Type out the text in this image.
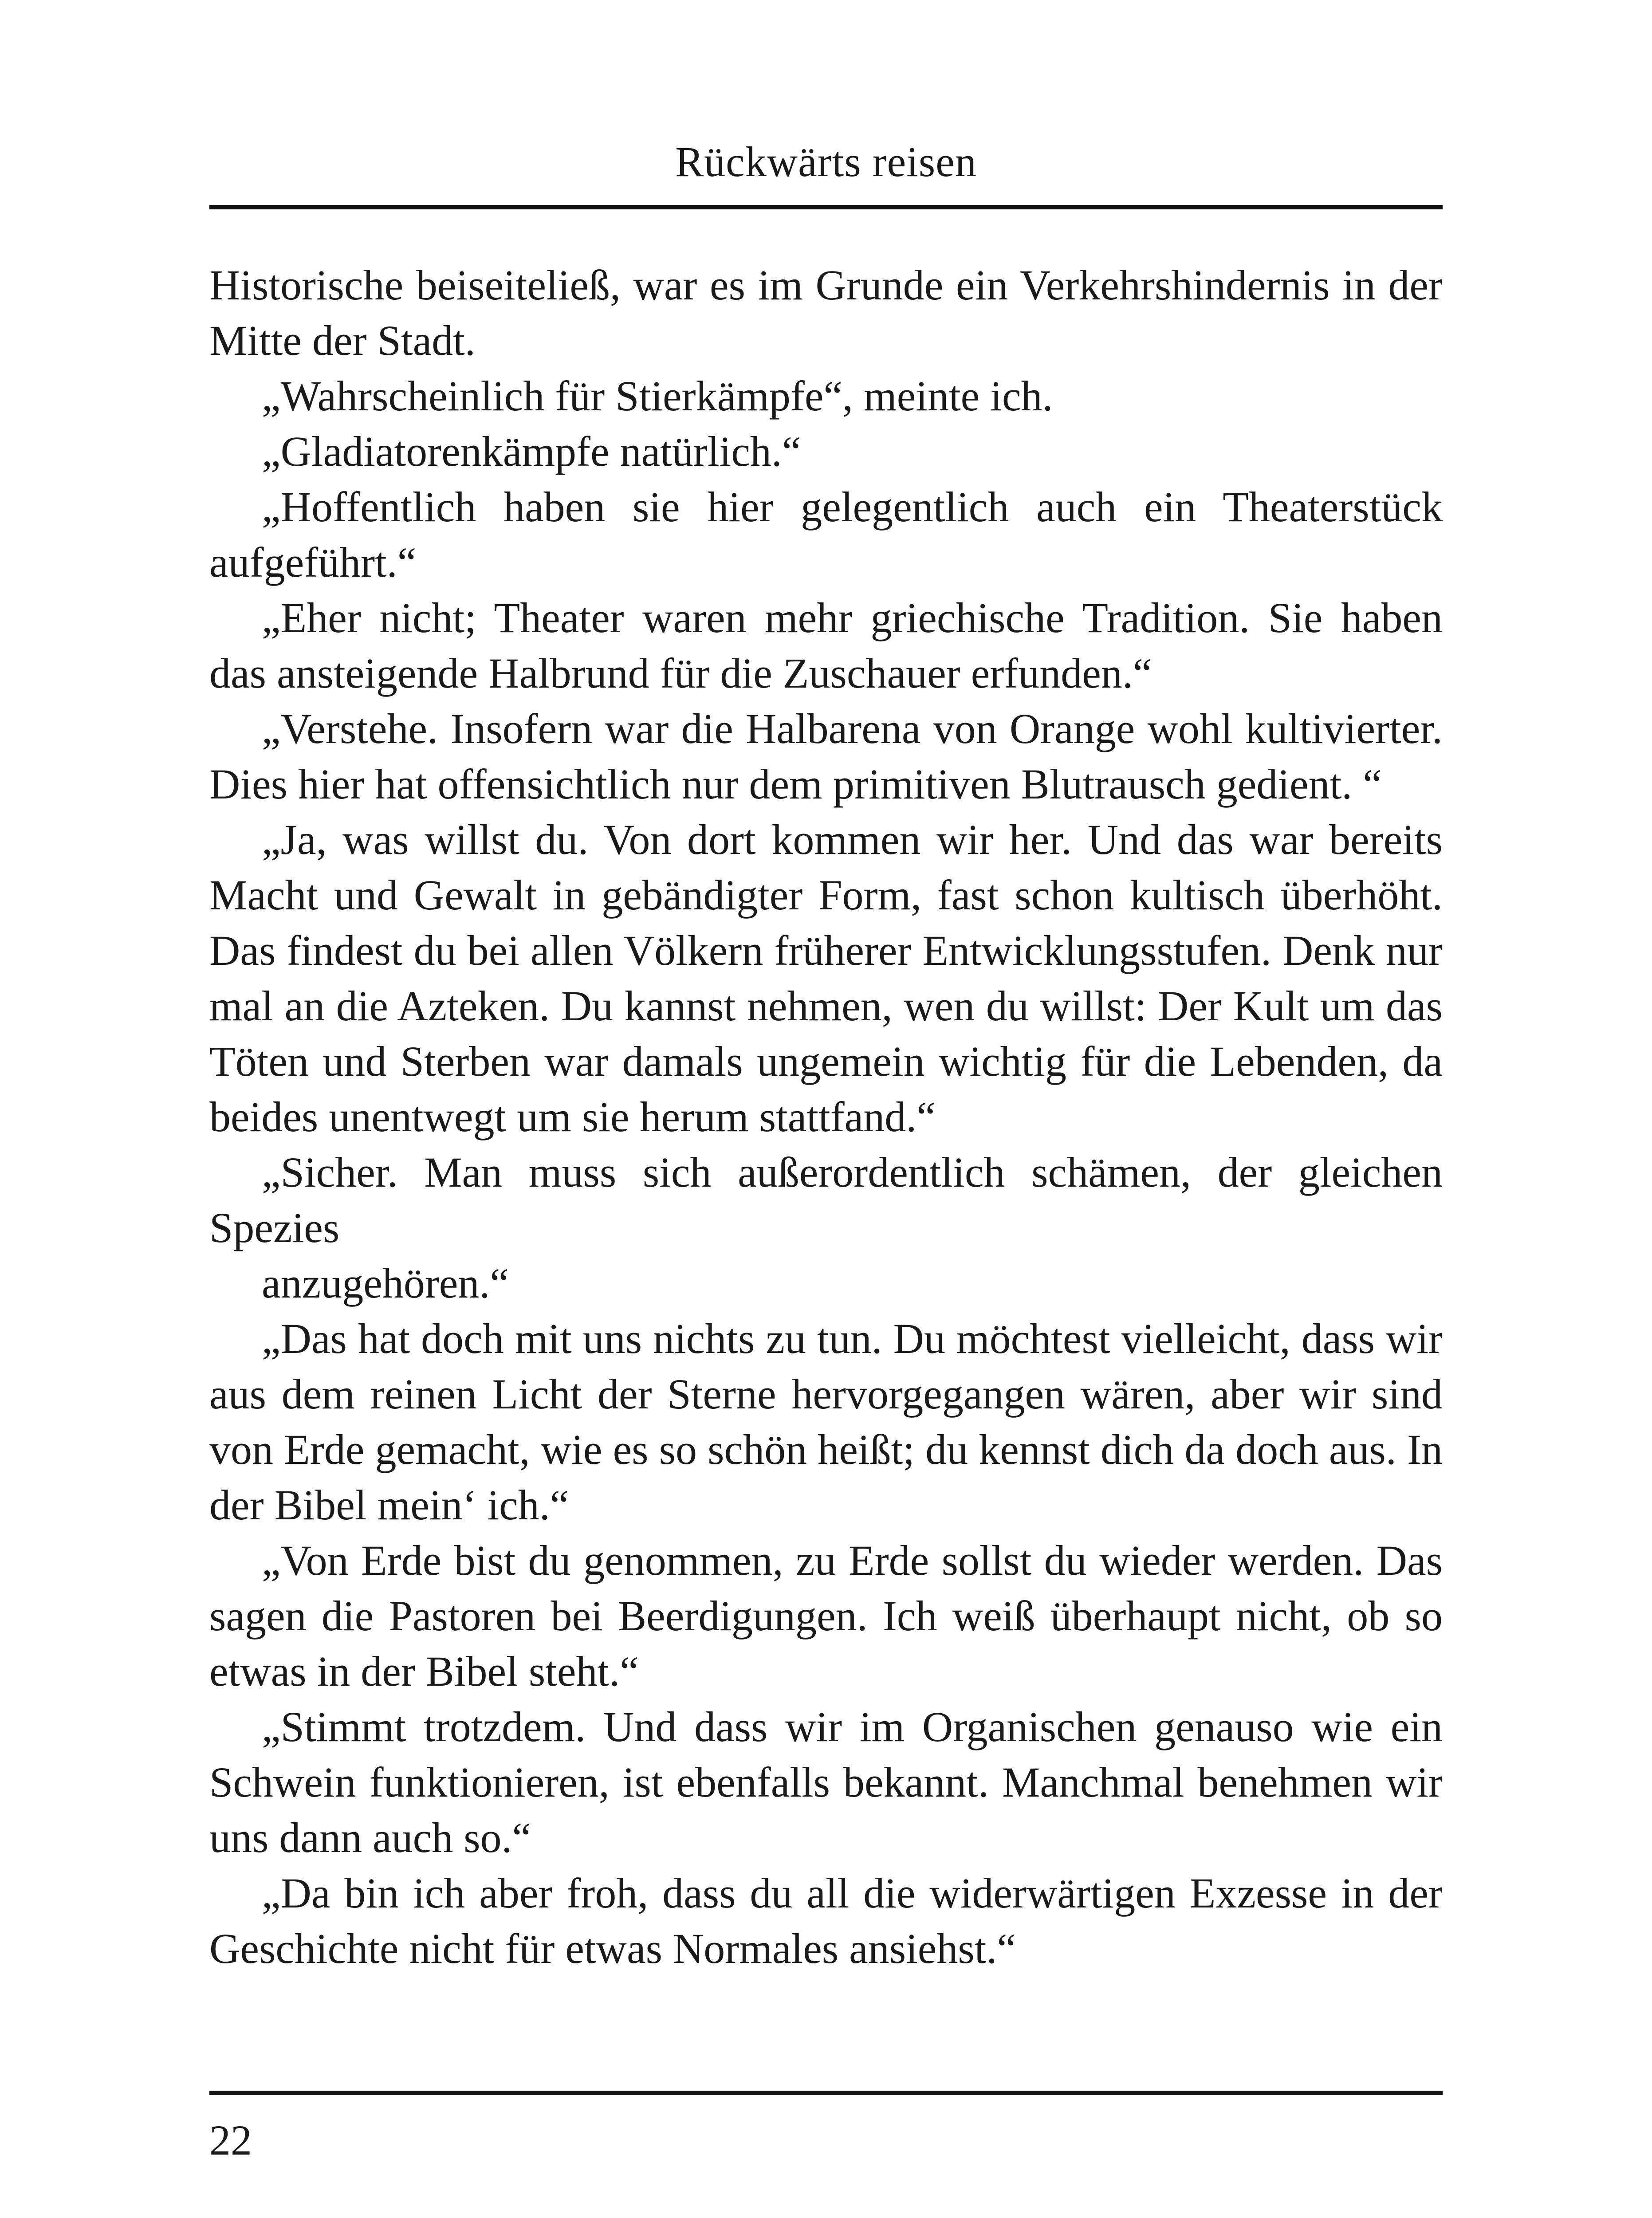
Rückwärts reisen

Historische beiseiteließ, war es im Grunde ein Verkehrshindernis in der Mitte der Stadt.

„Wahrscheinlich für Stierkämpfe“, meinte ich.

„Gladiatorenkämpfe natürlich.“

„Hoffentlich haben sie hier gelegentlich auch ein Theaterstück aufgeführt.“

„Eher nicht; Theater waren mehr griechische Tradition. Sie haben das ansteigende Halbrund für die Zuschauer erfunden.“

„Verstehe. Insofern war die Halbarena von Orange wohl kultivierter. Dies hier hat offensichtlich nur dem primitiven Blutrausch gedient. “

„Ja, was willst du. Von dort kommen wir her. Und das war bereits Macht und Gewalt in gebändigter Form, fast schon kultisch überhöht. Das findest du bei allen Völkern früherer Entwicklungsstufen. Denk nur mal an die Azteken. Du kannst nehmen, wen du willst: Der Kult um das Töten und Sterben war damals ungemein wichtig für die Lebenden, da beides unentwegt um sie herum stattfand.“

„Sicher. Man muss sich außerordentlich schämen, der gleichen Spezies

anzugehören.“

„Das hat doch mit uns nichts zu tun. Du möchtest vielleicht, dass wir aus dem reinen Licht der Sterne hervorgegangen wären, aber wir sind von Erde gemacht, wie es so schön heißt; du kennst dich da doch aus. In der Bibel mein‘ ich.“

„Von Erde bist du genommen, zu Erde sollst du wieder werden. Das sagen die Pastoren bei Beerdigungen. Ich weiß überhaupt nicht, ob so etwas in der Bibel steht.“

„Stimmt trotzdem. Und dass wir im Organischen genauso wie ein Schwein funktionieren, ist ebenfalls bekannt. Manchmal benehmen wir uns dann auch so.“

„Da bin ich aber froh, dass du all die widerwärtigen Exzesse in der Geschichte nicht für etwas Normales ansiehst.“

22
